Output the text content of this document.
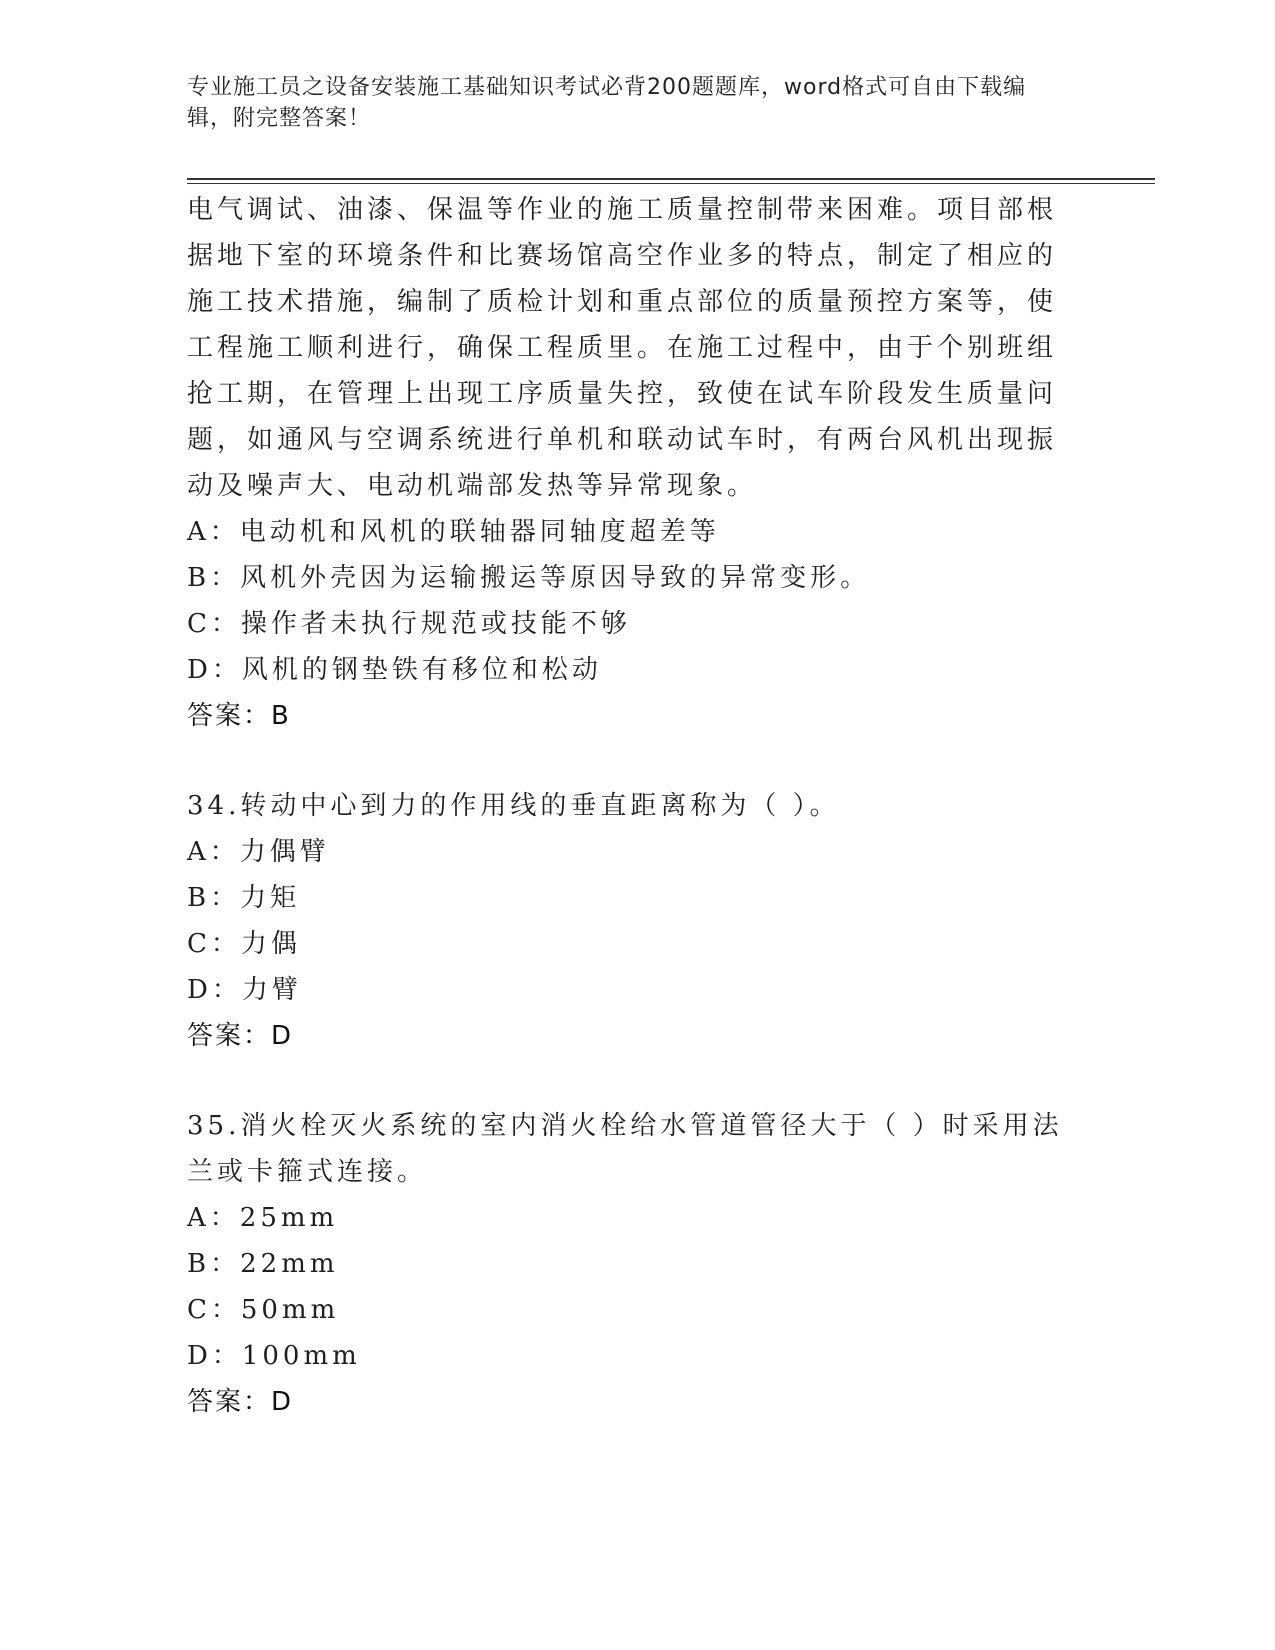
专业施工员之设备安装施工基础知识考试必背200题题库，word格式可自由下载编辑，附完整答案！

电气调试、油漆、保温等作业的施工质量控制带来困难。项目部根据地下室的环境条件和比赛场馆高空作业多的特点，制定了相应的施工技术措施，编制了质检计划和重点部位的质量预控方案等，使工程施工顺利进行，确保工程质里。在施工过程中，由于个别班组抢工期，在管理上出现工序质量失控，致使在试车阶段发生质量问题，如通风与空调系统进行单机和联动试车时，有两台风机出现振动及噪声大、电动机端部发热等异常现象。

A：电动机和风机的联轴器同轴度超差等
B：风机外壳因为运输搬运等原因导致的异常变形。
C：操作者未执行规范或技能不够
D：风机的钢垫铁有移位和松动
答案：B

34.转动中心到力的作用线的垂直距离称为（ ）。

A：力偶臂
B：力矩
C：力偶
D：力臂
答案：D

35.消火栓灭火系统的室内消火栓给水管道管径大于（ ）时采用法兰或卡箍式连接。

A：25mm
B：22mm
C：50mm
D：100mm
答案：D
